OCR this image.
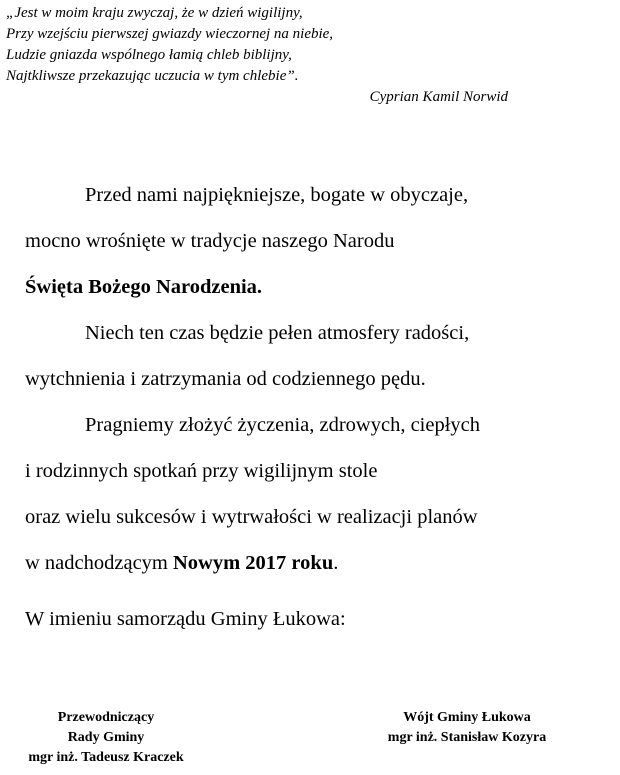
„Jest w moim kraju zwyczaj, że w dzień wigilijny,
Przy wzejściu pierwszej gwiazdy wieczornej na niebie,
Ludzie gniazda wspólnego łamią chleb biblijny,
Najtkliwsze przekazując uczucia w tym chlebie”.
Cyprian Kamil Norwid
Przed nami najpiękniejsze, bogate w obyczaje,
mocno wrośnięte w tradycje naszego Narodu
Święta Bożego Narodzenia.
Niech ten czas będzie pełen atmosfery radości,
wytchnienia i zatrzymania od codziennego pędu.
Pragniemy złożyć życzenia, zdrowych, ciepłych
i rodzinnych spotkań przy wigilijnym stole
oraz wielu sukcesów i wytrwałości w realizacji planów
w nadchodzącym Nowym 2017 roku.
W imieniu samorządu Gminy Łukowa:
Przewodniczący
Rady Gminy
mgr inż. Tadeusz Kraczek
Wójt Gminy Łukowa
mgr inż. Stanisław Kozyra
